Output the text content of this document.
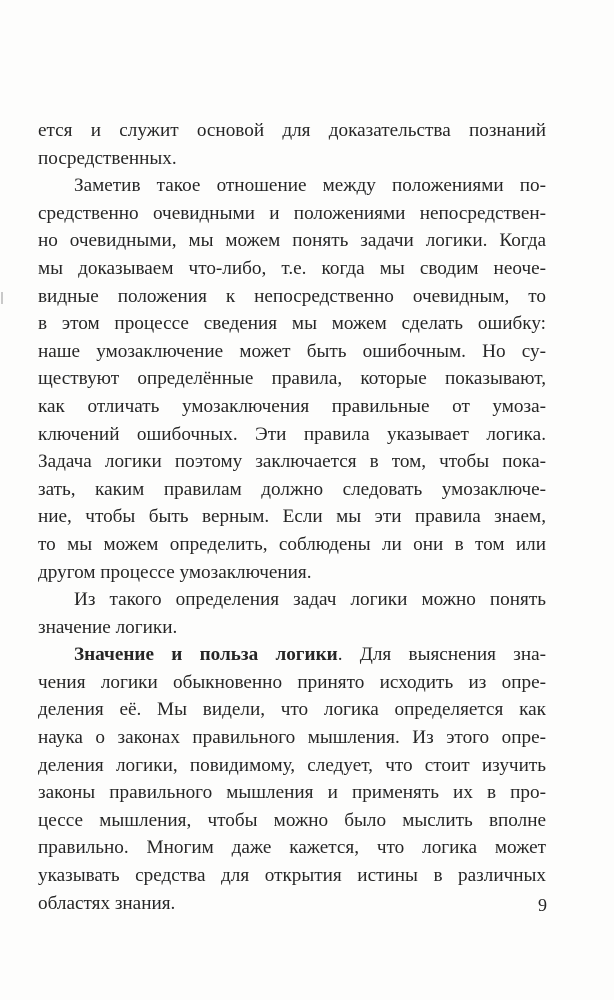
ется и служит основой для доказательства познаний
посредственных.
Заметив такое отношение между положениями по-
средственно очевидными и положениями непосредствен-
но очевидными, мы можем понять задачи логики. Когда
мы доказываем что-либо, т.е. когда мы сводим неоче-
видные положения к непосредственно очевидным, то
в этом процессе сведения мы можем сделать ошибку:
наше умозаключение может быть ошибочным. Но су-
ществуют определённые правила, которые показывают,
как отличать умозаключения правильные от умоза-
ключений ошибочных. Эти правила указывает логика.
Задача логики поэтому заключается в том, чтобы пока-
зать, каким правилам должно следовать умозаключе-
ние, чтобы быть верным. Если мы эти правила знаем,
то мы можем определить, соблюдены ли они в том или
другом процессе умозаключения.
Из такого определения задач логики можно понять
значение логики.
Значение и польза логики. Для выяснения зна-
чения логики обыкновенно принято исходить из опре-
деления её. Мы видели, что логика определяется как
наука о законах правильного мышления. Из этого опре-
деления логики, повидимому, следует, что стоит изучить
законы правильного мышления и применять их в про-
цессе мышления, чтобы можно было мыслить вполне
правильно. Многим даже кажется, что логика может
указывать средства для открытия истины в различных
областях знания.	9
